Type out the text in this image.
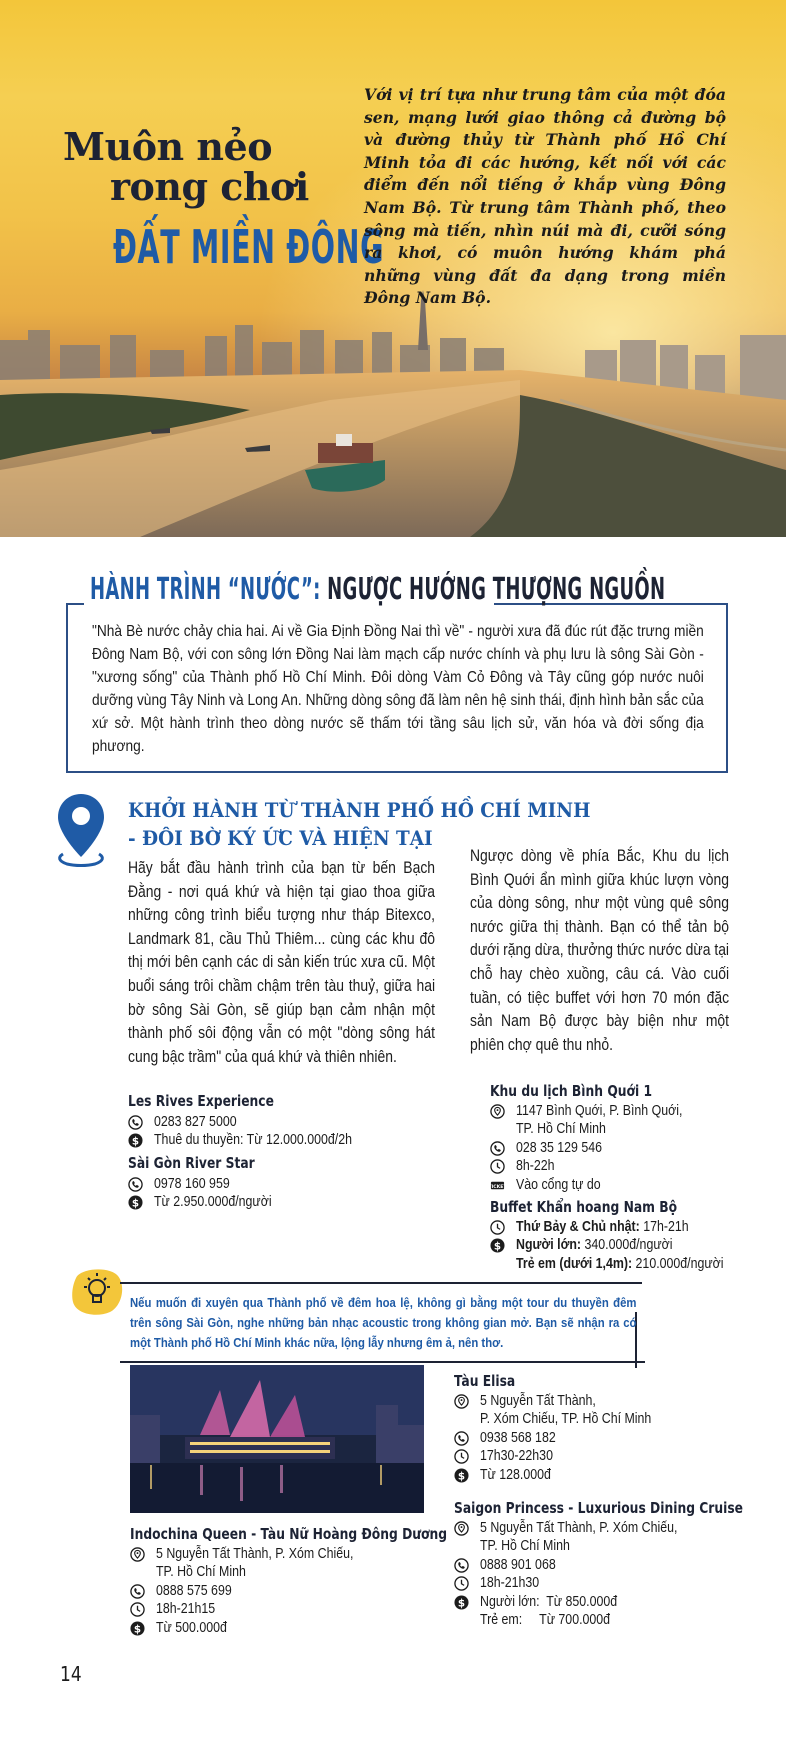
Muôn nẻo
rong chơi
ĐẤT MIỀN ĐÔNG
Với vị trí tựa như trung tâm của một đóa sen, mạng lưới giao thông cả đường bộ và đường thủy từ Thành phố Hồ Chí Minh tỏa đi các hướng, kết nối với các điểm đến nổi tiếng ở khắp vùng Đông Nam Bộ. Từ trung tâm Thành phố, theo sông mà tiến, nhìn núi mà đi, cưỡi sóng ra khơi, có muôn hướng khám phá những vùng đất đa dạng trong miền Đông Nam Bộ.
HÀNH TRÌNH “NƯỚC”: NGƯỢC HƯỚNG THƯỢNG NGUỒN
"Nhà Bè nước chảy chia hai. Ai về Gia Định Đồng Nai thì về" - người xưa đã đúc rút đặc trưng miền Đông Nam Bộ, với con sông lớn Đồng Nai làm mạch cấp nước chính và phụ lưu là sông Sài Gòn - "xương sống" của Thành phố Hồ Chí Minh. Đôi dòng Vàm Cỏ Đông và Tây cũng góp nước nuôi dưỡng vùng Tây Ninh và Long An. Những dòng sông đã làm nên hệ sinh thái, định hình bản sắc của xứ sở. Một hành trình theo dòng nước sẽ thấm tới tầng sâu lịch sử, văn hóa và đời sống địa phương.
KHỞI HÀNH TỪ THÀNH PHỐ HỒ CHÍ MINH
- ĐÔI BỜ KÝ ỨC VÀ HIỆN TẠI
Hãy bắt đầu hành trình của bạn từ bến Bạch Đằng - nơi quá khứ và hiện tại giao thoa giữa những công trình biểu tượng như tháp Bitexco, Landmark 81, cầu Thủ Thiêm... cùng các khu đô thị mới bên cạnh các di sản kiến trúc xưa cũ. Một buổi sáng trôi chầm chậm trên tàu thuỷ, giữa hai bờ sông Sài Gòn, sẽ giúp bạn cảm nhận một thành phố sôi động vẫn có một "dòng sông hát cung bậc trầm" của quá khứ và thiên nhiên.
Ngược dòng về phía Bắc, Khu du lịch Bình Quới ẩn mình giữa khúc lượn vòng của dòng sông, như một vùng quê sông nước giữa thị thành. Bạn có thể tản bộ dưới rặng dừa, thưởng thức nước dừa tại chỗ hay chèo xuồng, câu cá. Vào cuối tuần, có tiệc buffet với hơn 70 món đặc sản Nam Bộ được bày biện như một phiên chợ quê thu nhỏ.
Les Rives Experience
0283 827 5000
Thuê du thuyền: Từ 12.000.000đ/2h
Sài Gòn River Star
0978 160 959
Từ 2.950.000đ/người
Khu du lịch Bình Quới 1
1147 Bình Quới, P. Bình Quới,
TP. Hồ Chí Minh
028 35 129 546
8h-22h
Vào cổng tự do
Buffet Khẩn hoang Nam Bộ
Thứ Bảy & Chủ nhật: 17h-21h
Người lớn: 340.000đ/người
Trẻ em (dưới 1,4m): 210.000đ/người
Nếu muốn đi xuyên qua Thành phố về đêm hoa lệ, không gì bằng một tour du thuyền đêm trên sông Sài Gòn, nghe những bản nhạc acoustic trong không gian mở. Bạn sẽ nhận ra có một Thành phố Hồ Chí Minh khác nữa, lộng lẫy nhưng êm ả, nên thơ.
Indochina Queen - Tàu Nữ Hoàng Đông Dương
5 Nguyễn Tất Thành, P. Xóm Chiếu,
TP. Hồ Chí Minh
0888 575 699
18h-21h15
Từ 500.000đ
Tàu Elisa
5 Nguyễn Tất Thành,
P. Xóm Chiếu, TP. Hồ Chí Minh
0938 568 182
17h30-22h30
Từ 128.000đ
Saigon Princess - Luxurious Dining Cruise
5 Nguyễn Tất Thành, P. Xóm Chiếu,
TP. Hồ Chí Minh
0888 901 068
18h-21h30
Người lớn:  Từ 850.000đ
Trẻ em:     Từ 700.000đ
14
